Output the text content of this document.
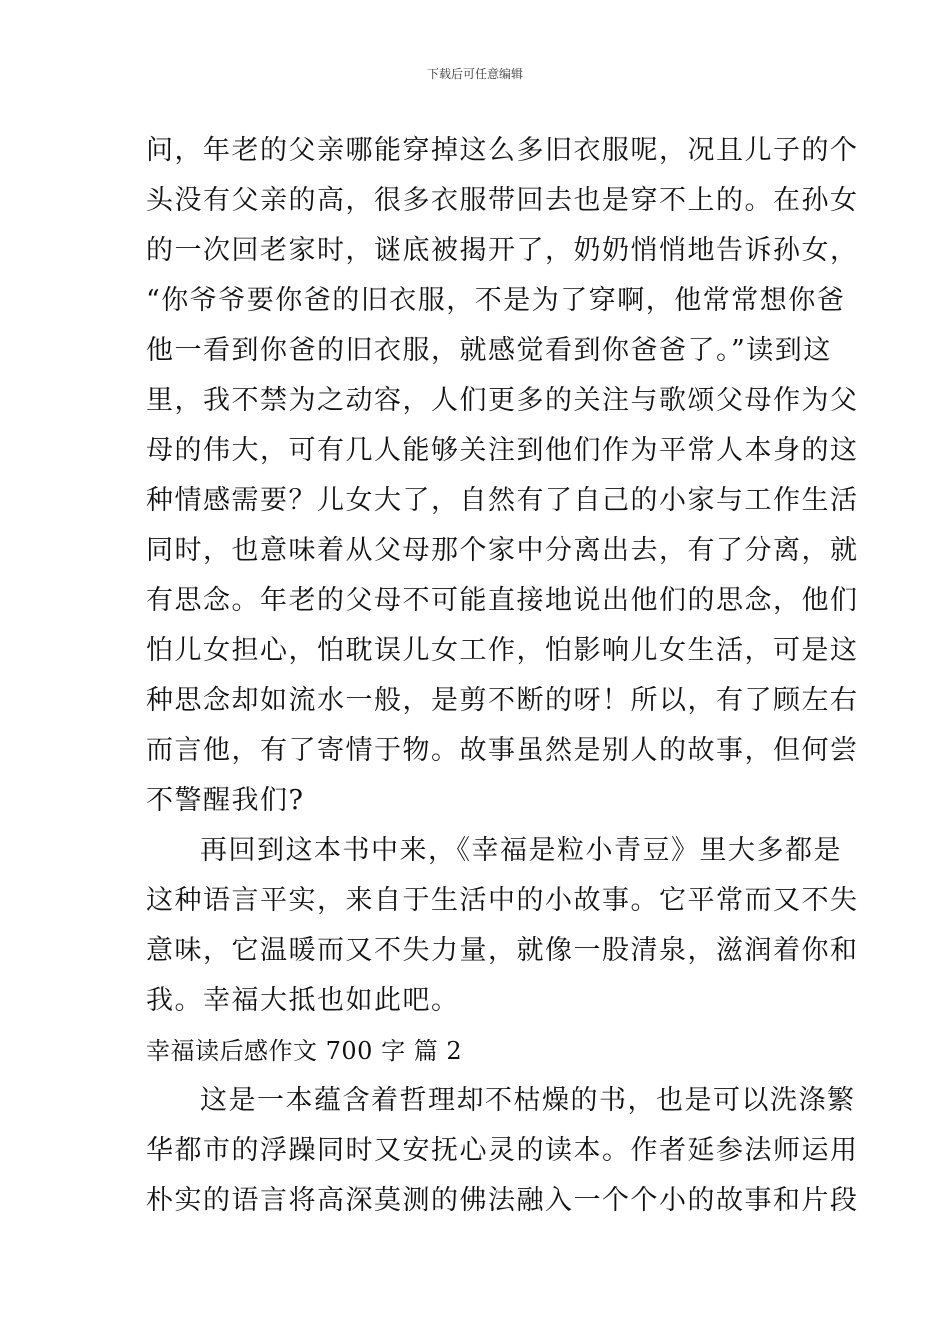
下载后可任意编辑
问，年老的父亲哪能穿掉这么多旧衣服呢，况且儿子的个
头没有父亲的高，很多衣服带回去也是穿不上的。在孙女
的一次回老家时，谜底被揭开了，奶奶悄悄地告诉孙女，
“你爷爷要你爸的旧衣服，不是为了穿啊，他常常想你爸
他一看到你爸的旧衣服，就感觉看到你爸爸了。”读到这
里，我不禁为之动容，人们更多的关注与歌颂父母作为父
母的伟大，可有几人能够关注到他们作为平常人本身的这
种情感需要？儿女大了，自然有了自己的小家与工作生活
同时，也意味着从父母那个家中分离出去，有了分离，就
有思念。年老的父母不可能直接地说出他们的思念，他们
怕儿女担心，怕耽误儿女工作，怕影响儿女生活，可是这
种思念却如流水一般，是剪不断的呀！所以，有了顾左右
而言他，有了寄情于物。故事虽然是别人的故事，但何尝
不警醒我们?
再回到这本书中来，《幸福是粒小青豆》里大多都是
这种语言平实，来自于生活中的小故事。它平常而又不失
意味，它温暖而又不失力量，就像一股清泉，滋润着你和
我。幸福大抵也如此吧。
幸福读后感作文 700 字 篇 2
这是一本蕴含着哲理却不枯燥的书，也是可以洗涤繁
华都市的浮躁同时又安抚心灵的读本。作者延参法师运用
朴实的语言将高深莫测的佛法融入一个个小的故事和片段
